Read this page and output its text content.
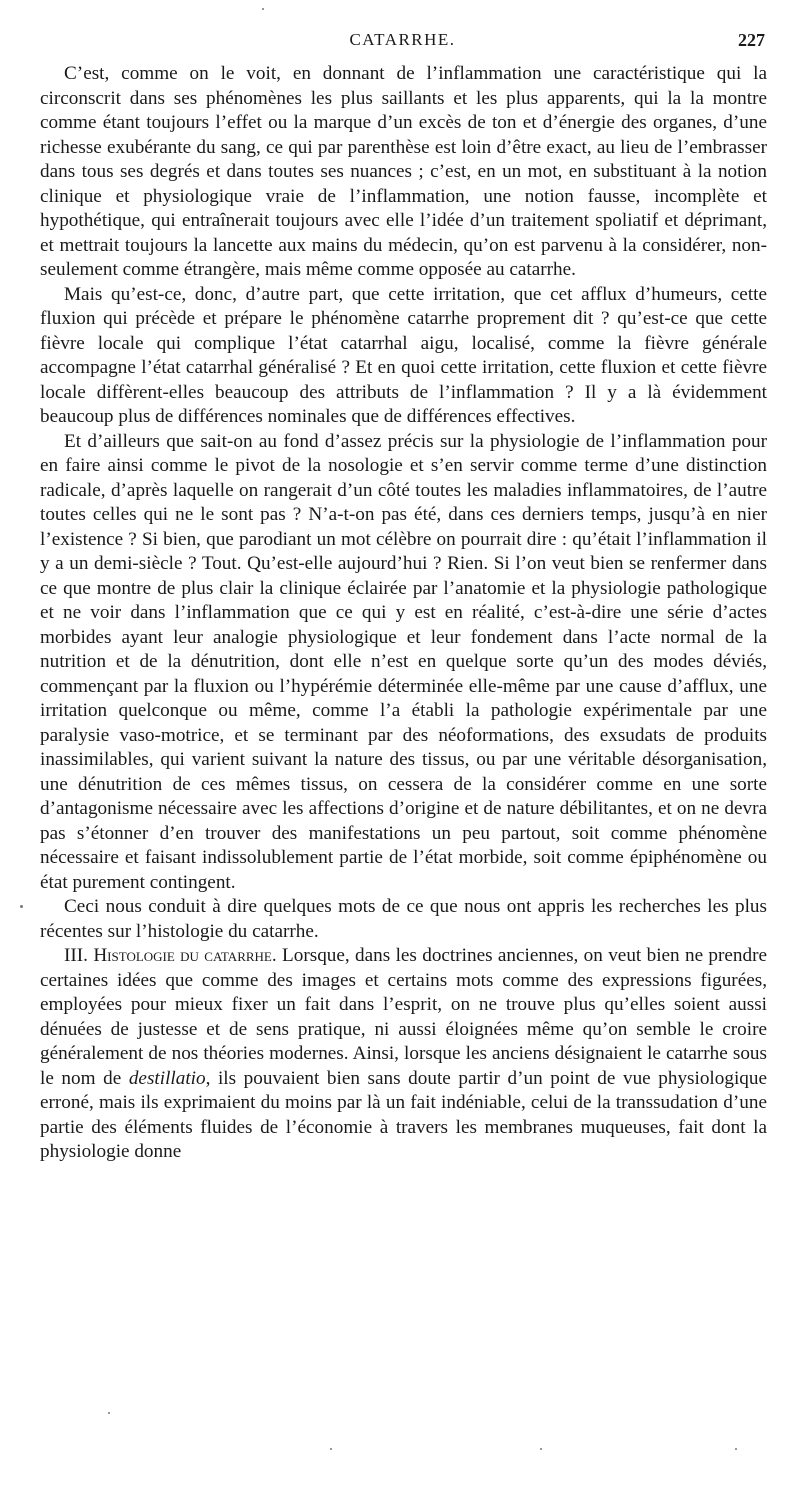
CATARRHE.	227

C’est, comme on le voit, en donnant de l’inflammation une caractéristique qui la circonscrit dans ses phénomènes les plus saillants et les plus apparents, qui la la montre comme étant toujours l’effet ou la marque d’un excès de ton et d’énergie des organes, d’une richesse exubérante du sang, ce qui par parenthèse est loin d’être exact, au lieu de l’embrasser dans tous ses degrés et dans toutes ses nuances ; c’est, en un mot, en substituant à la notion clinique et physiologique vraie de l’inflammation, une notion fausse, incomplète et hypothétique, qui entraînerait toujours avec elle l’idée d’un traitement spoliatif et déprimant, et mettrait toujours la lancette aux mains du médecin, qu’on est parvenu à la considérer, non-seulement comme étrangère, mais même comme opposée au catarrhe.

Mais qu’est-ce, donc, d’autre part, que cette irritation, que cet afflux d’humeurs, cette fluxion qui précède et prépare le phénomène catarrhe proprement dit ? qu’est-ce que cette fièvre locale qui complique l’état catarrhal aigu, localisé, comme la fièvre générale accompagne l’état catarrhal généralisé ? Et en quoi cette irritation, cette fluxion et cette fièvre locale diffèrent-elles beaucoup des attributs de l’inflammation ? Il y a là évidemment beaucoup plus de différences nominales que de différences effectives.

Et d’ailleurs que sait-on au fond d’assez précis sur la physiologie de l’inflammation pour en faire ainsi comme le pivot de la nosologie et s’en servir comme terme d’une distinction radicale, d’après laquelle on rangerait d’un côté toutes les maladies inflammatoires, de l’autre toutes celles qui ne le sont pas ? N’a-t-on pas été, dans ces derniers temps, jusqu’à en nier l’existence ? Si bien, que parodiant un mot célèbre on pourrait dire : qu’était l’inflammation il y a un demi-siècle ? Tout. Qu’est-elle aujourd’hui ? Rien. Si l’on veut bien se renfermer dans ce que montre de plus clair la clinique éclairée par l’anatomie et la physiologie pathologique et ne voir dans l’inflammation que ce qui y est en réalité, c’est-à-dire une série d’actes morbides ayant leur analogie physiologique et leur fondement dans l’acte normal de la nutrition et de la dénutrition, dont elle n’est en quelque sorte qu’un des modes déviés, commençant par la fluxion ou l’hypérémie déterminée elle-même par une cause d’afflux, une irritation quelconque ou même, comme l’a établi la pathologie expérimentale par une paralysie vaso-motrice, et se terminant par des néoformations, des exsudats de produits inassimilables, qui varient suivant la nature des tissus, ou par une véritable désorganisation, une dénutrition de ces mêmes tissus, on cessera de la considérer comme en une sorte d’antagonisme nécessaire avec les affections d’origine et de nature débilitantes, et on ne devra pas s’étonner d’en trouver des manifestations un peu partout, soit comme phénomène nécessaire et faisant indissolublement partie de l’état morbide, soit comme épiphénomène ou état purement contingent.

Ceci nous conduit à dire quelques mots de ce que nous ont appris les recherches les plus récentes sur l’histologie du catarrhe.

III. Histologie du catarrhe. Lorsque, dans les doctrines anciennes, on veut bien ne prendre certaines idées que comme des images et certains mots comme des expressions figurées, employées pour mieux fixer un fait dans l’esprit, on ne trouve plus qu’elles soient aussi dénuées de justesse et de sens pratique, ni aussi éloignées même qu’on semble le croire généralement de nos théories modernes. Ainsi, lorsque les anciens désignaient le catarrhe sous le nom de destillatio, ils pouvaient bien sans doute partir d’un point de vue physiologique erroné, mais ils exprimaient du moins par là un fait indéniable, celui de la transsudation d’une partie des éléments fluides de l’économie à travers les membranes muqueuses, fait dont la physiologie donne
